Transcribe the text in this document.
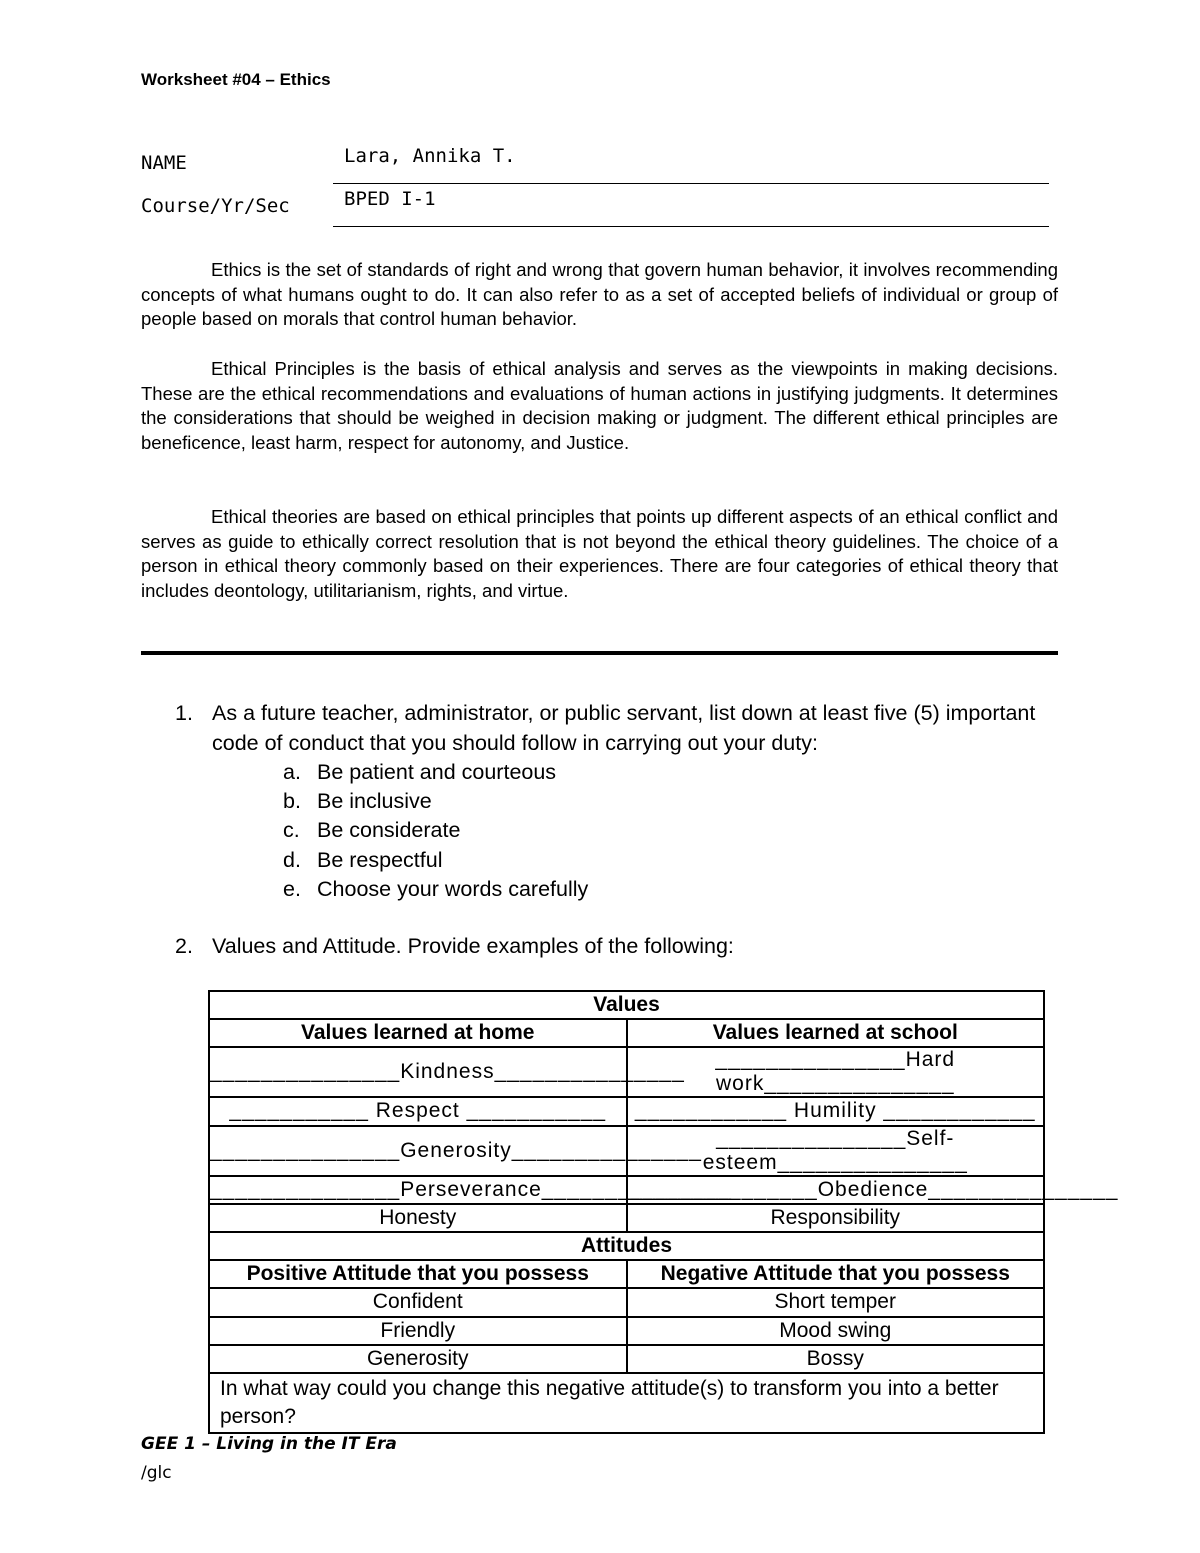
Worksheet #04 – Ethics
NAME	Lara, Annika T.
Course/Yr/Sec	BPED I-1
Ethics is the set of standards of right and wrong that govern human behavior, it involves recommending concepts of what humans ought to do. It can also refer to as a set of accepted beliefs of individual or group of people based on morals that control human behavior.
Ethical Principles is the basis of ethical analysis and serves as the viewpoints in making decisions. These are the ethical recommendations and evaluations of human actions in justifying judgments. It determines the considerations that should be weighed in decision making or judgment. The different ethical principles are beneficence, least harm, respect for autonomy, and Justice.
Ethical theories are based on ethical principles that points up different aspects of an ethical conflict and serves as guide to ethically correct resolution that is not beyond the ethical theory guidelines. The choice of a person in ethical theory commonly based on their experiences. There are four categories of ethical theory that includes deontology, utilitarianism, rights, and virtue.
1. As a future teacher, administrator, or public servant, list down at least five (5) important code of conduct that you should follow in carrying out your duty:
a. Be patient and courteous
b. Be inclusive
c. Be considerate
d. Be respectful
e. Choose your words carefully
2. Values and Attitude. Provide examples of the following:
Values	
Values learned at home	Values learned at school
_______________Kindness_______________	_______________Hard work_______________
___________ Respect ___________	____________ Humility ____________
_______________Generosity_______________	_______________Self-esteem_______________
_______________Perseverance_______________	_______________Obedience_______________
Honesty	Responsibility
Attitudes	
Positive Attitude that you possess	Negative Attitude that you possess
Confident	Short temper
Friendly	Mood swing
Generosity	Bossy
In what way could you change this negative attitude(s) to transform you into a better person?	
GEE 1 – Living in the IT Era
/glc
